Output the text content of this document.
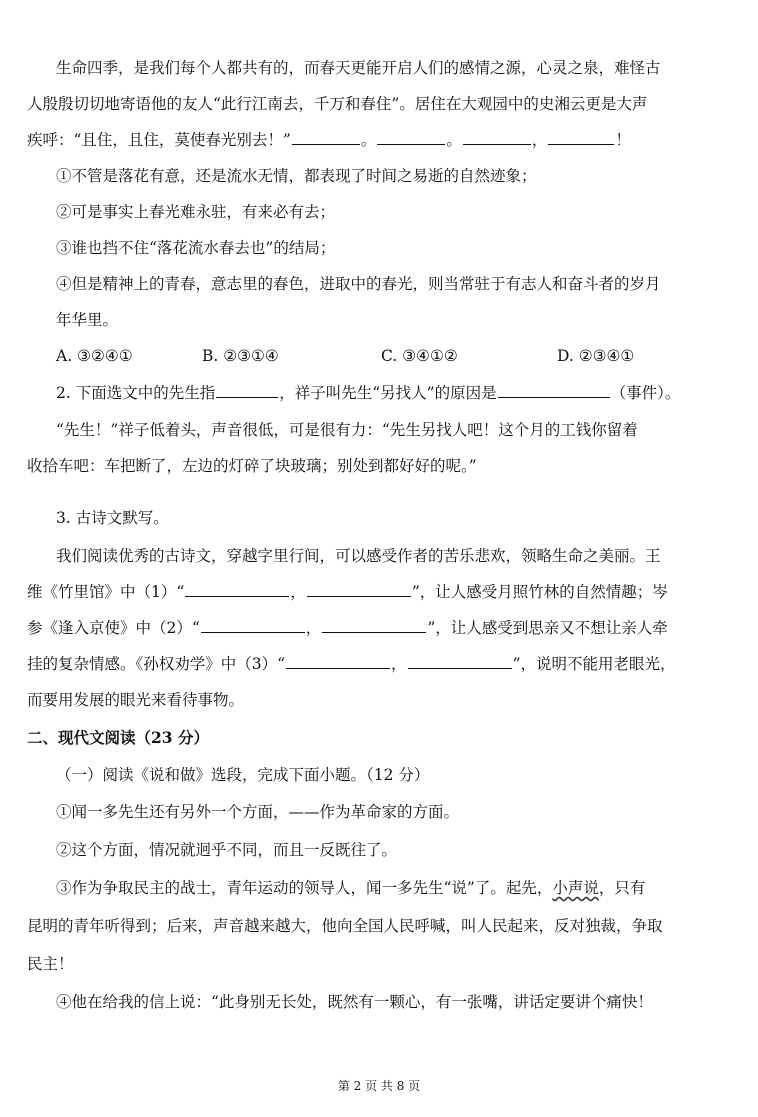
生命四季，是我们每个人都共有的，而春天更能开启人们的感情之源，心灵之泉，难怪古
人殷殷切切地寄语他的友人“此行江南去，千万和春住”。居住在大观园中的史湘云更是大声
疾呼：“且住，且住，莫使春光别去！”	。	。	，	！
①不管是落花有意，还是流水无情，都表现了时间之易逝的自然迹象；
②可是事实上春光难永驻，有来必有去；
③谁也挡不住“落花流水春去也”的结局；
④但是精神上的青春，意志里的春色，进取中的春光，则当常驻于有志人和奋斗者的岁月
年华里。
A. ③②④①	B. ②③①④	C. ③④①②	D. ②③④①
2. 下面选文中的先生指	，祥子叫先生“另找人”的原因是	（事件）。
“先生！”祥子低着头，声音很低，可是很有力：“先生另找人吧！这个月的工钱你留着
收拾车吧：车把断了，左边的灯碎了块玻璃；别处到都好好的呢。”
3. 古诗文默写。
我们阅读优秀的古诗文，穿越字里行间，可以感受作者的苦乐悲欢，领略生命之美丽。王
维《竹里馆》中（1）“	，	”，让人感受月照竹林的自然情趣；岑
参《逢入京使》中（2）“	，	”，让人感受到思亲又不想让亲人牵
挂的复杂情感。《孙权劝学》中（3）“	，	”，说明不能用老眼光，
而要用发展的眼光来看待事物。
二、现代文阅读（23 分）
（一）阅读《说和做》选段，完成下面小题。（12 分）
①闻一多先生还有另外一个方面，——作为革命家的方面。
②这个方面，情况就迥乎不同，而且一反既往了。
③作为争取民主的战士，青年运动的领导人，闻一多先生“说”了。起先，小声说，只有
昆明的青年听得到；后来，声音越来越大，他向全国人民呼喊，叫人民起来，反对独裁，争取
民主！
④他在给我的信上说：“此身别无长处，既然有一颗心，有一张嘴，讲话定要讲个痛快！
第 2 页 共 8 页
